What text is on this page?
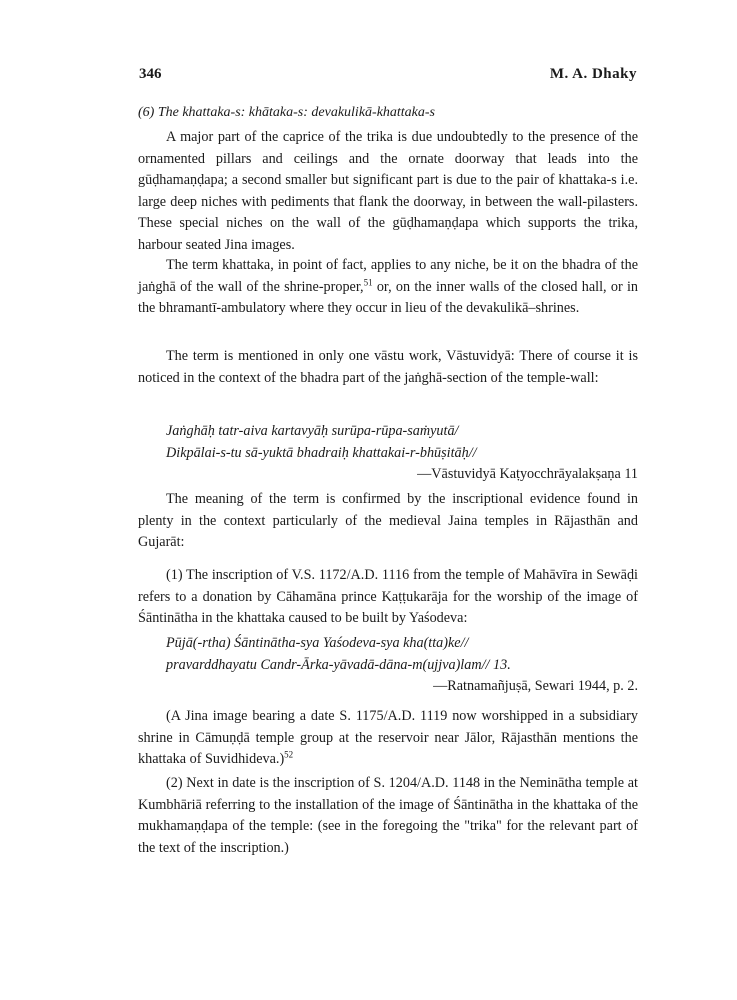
346	M. A. Dhaky

(6) The khattaka-s: khātaka-s: devakulikā-khattaka-s

A major part of the caprice of the trika is due undoubtedly to the presence of the ornamented pillars and ceilings and the ornate doorway that leads into the gūḍhamaṇḍapa; a second smaller but significant part is due to the pair of khattaka-s i.e. large deep niches with pediments that flank the doorway, in between the wall-pilasters. These special niches on the wall of the gūḍhamaṇḍapa which supports the trika, harbour seated Jina images.

The term khattaka, in point of fact, applies to any niche, be it on the bhadra of the jaṅghā of the wall of the shrine-proper,$^{51}$ or, on the inner walls of the closed hall, or in the bhramantī-ambulatory where they occur in lieu of the devakulikā–shrines.

The term is mentioned in only one vāstu work, Vāstuvidyā: There of course it is noticed in the context of the bhadra part of the jaṅghā-section of the temple-wall:

Jaṅghāḥ tatr-aiva kartavyāḥ surūpa-rūpa-saṁyutā/
Dikpālai-s-tu sā-yuktā bhadraiḥ khattakai-r-bhūṣitāḥ//
—Vāstuvidyā Kaṭyocchrāyalakṣaṇa 11

The meaning of the term is confirmed by the inscriptional evidence found in plenty in the context particularly of the medieval Jaina temples in Rājasthān and Gujarāt:

(1) The inscription of V.S. 1172/A.D. 1116 from the temple of Mahāvīra in Sewāḍi refers to a donation by Cāhamāna prince Kaṭṭukarāja for the worship of the image of Śāntinātha in the khattaka caused to be built by Yaśodeva:

Pūjā(-rtha) Śāntinātha-sya Yaśodeva-sya kha(tta)ke//
pravarddhayatu Candr-Ārka-yāvadā-dāna-m(ujjva)lam// 13.
—Ratnamañjuṣā, Sewari 1944, p. 2.

(A Jina image bearing a date S. 1175/A.D. 1119 now worshipped in a subsidiary shrine in Cāmuṇḍā temple group at the reservoir near Jālor, Rājasthān mentions the khattaka of Suvidhideva.)$^{52}$

(2) Next in date is the inscription of S. 1204/A.D. 1148 in the Neminātha temple at Kumbhāriā referring to the installation of the image of Śāntinātha in the khattaka of the mukhamaṇḍapa of the temple: (see in the foregoing the "trika" for the relevant part of the text of the inscription.)
